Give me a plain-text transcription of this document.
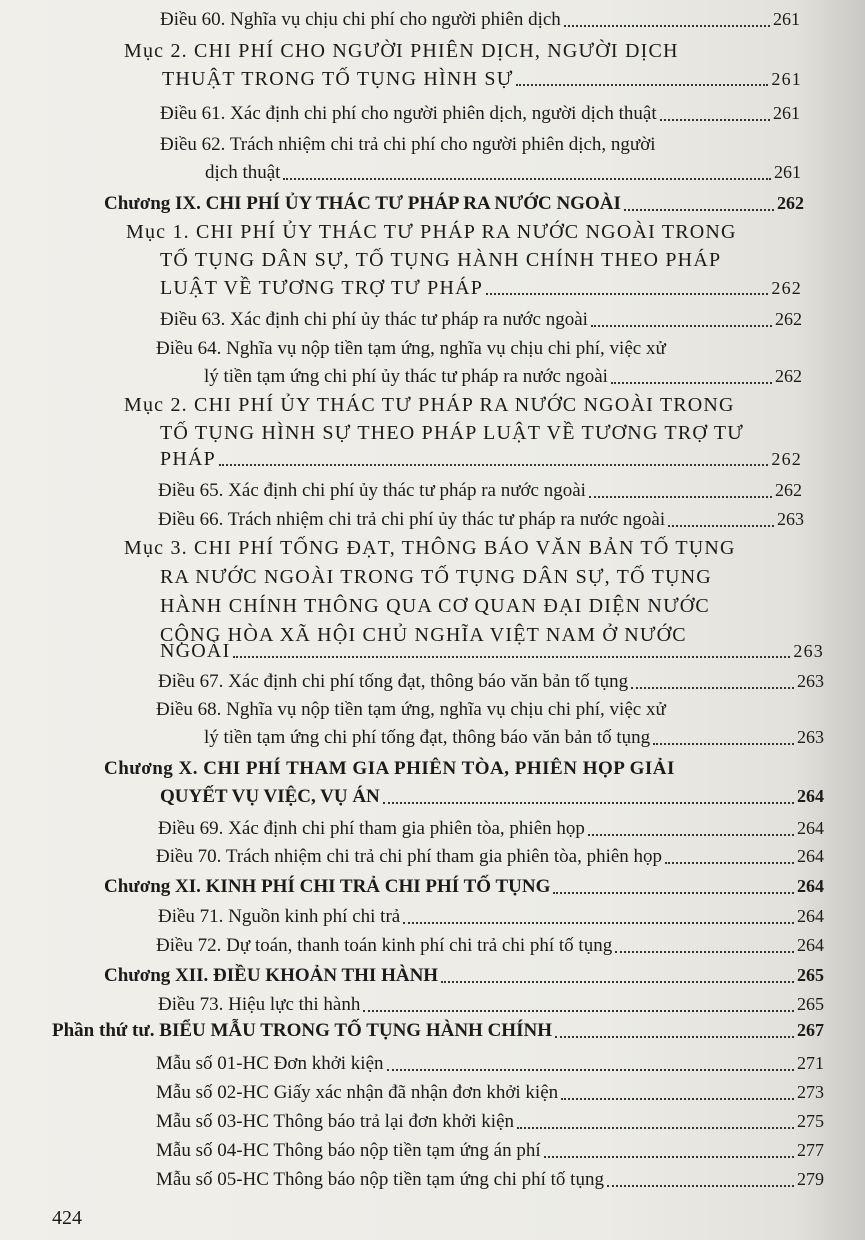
Điều 60. Nghĩa vụ chịu chi phí cho người phiên dịch	261
Mục 2. CHI PHÍ CHO NGƯỜI PHIÊN DỊCH, NGƯỜI DỊCH
THUẬT TRONG TỐ TỤNG HÌNH SỰ	261
Điều 61. Xác định chi phí cho người phiên dịch, người dịch thuật	261
Điều 62. Trách nhiệm chi trả chi phí cho người phiên dịch, người
dịch thuật	261
Chương IX. CHI PHÍ ỦY THÁC TƯ PHÁP RA NƯỚC NGOÀI	262
Mục 1. CHI PHÍ ỦY THÁC TƯ PHÁP RA NƯỚC NGOÀI TRONG
TỐ TỤNG DÂN SỰ, TỐ TỤNG HÀNH CHÍNH THEO PHÁP
LUẬT VỀ TƯƠNG TRỢ TƯ PHÁP	262
Điều 63. Xác định chi phí ủy thác tư pháp ra nước ngoài	262
Điều 64. Nghĩa vụ nộp tiền tạm ứng, nghĩa vụ chịu chi phí, việc xử
lý tiền tạm ứng chi phí ủy thác tư pháp ra nước ngoài	262
Mục 2. CHI PHÍ ỦY THÁC TƯ PHÁP RA NƯỚC NGOÀI TRONG
TỐ TỤNG HÌNH SỰ THEO PHÁP LUẬT VỀ TƯƠNG TRỢ TƯ
PHÁP	262
Điều 65. Xác định chi phí ủy thác tư pháp ra nước ngoài	262
Điều 66. Trách nhiệm chi trả chi phí ủy thác tư pháp ra nước ngoài	263
Mục 3. CHI PHÍ TỐNG ĐẠT, THÔNG BÁO VĂN BẢN TỐ TỤNG
RA NƯỚC NGOÀI TRONG TỐ TỤNG DÂN SỰ, TỐ TỤNG
HÀNH CHÍNH THÔNG QUA CƠ QUAN ĐẠI DIỆN NƯỚC
CỘNG HÒA XÃ HỘI CHỦ NGHĨA VIỆT NAM Ở NƯỚC
NGOÀI	263
Điều 67. Xác định chi phí tống đạt, thông báo văn bản tố tụng	263
Điều 68. Nghĩa vụ nộp tiền tạm ứng, nghĩa vụ chịu chi phí, việc xử
lý tiền tạm ứng chi phí tống đạt, thông báo văn bản tố tụng	263
Chương X. CHI PHÍ THAM GIA PHIÊN TÒA, PHIÊN HỌP GIẢI
QUYẾT VỤ VIỆC, VỤ ÁN	264
Điều 69. Xác định chi phí tham gia phiên tòa, phiên họp	264
Điều 70. Trách nhiệm chi trả chi phí tham gia phiên tòa, phiên họp	264
Chương XI. KINH PHÍ CHI TRẢ CHI PHÍ TỐ TỤNG	264
Điều 71. Nguồn kinh phí chi trả	264
Điều 72. Dự toán, thanh toán kinh phí chi trả chi phí tố tụng	264
Chương XII. ĐIỀU KHOẢN THI HÀNH	265
Điều 73. Hiệu lực thi hành	265
Phần thứ tư. BIỂU MẪU TRONG TỐ TỤNG HÀNH CHÍNH	267
Mẫu số 01-HC Đơn khởi kiện	271
Mẫu số 02-HC Giấy xác nhận đã nhận đơn khởi kiện	273
Mẫu số 03-HC Thông báo trả lại đơn khởi kiện	275
Mẫu số 04-HC Thông báo nộp tiền tạm ứng án phí	277
Mẫu số 05-HC Thông báo nộp tiền tạm ứng chi phí tố tụng	279
424
